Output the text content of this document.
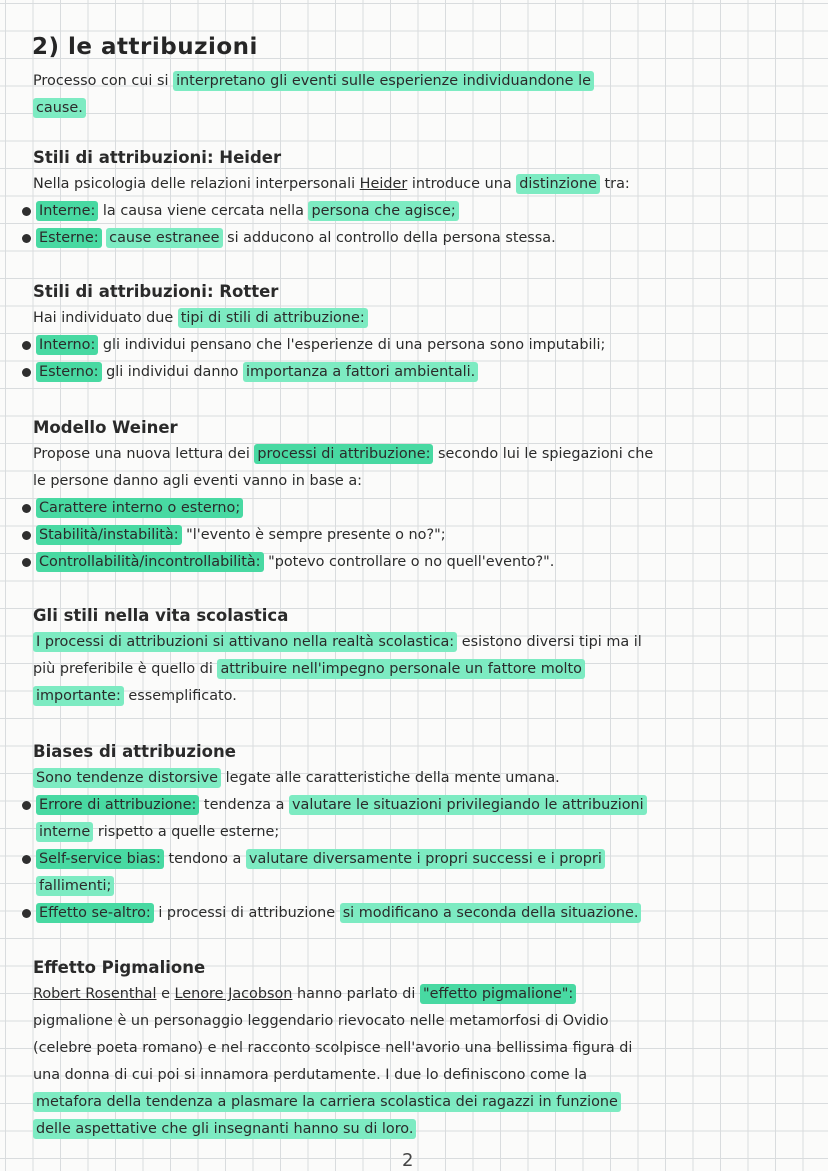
2) le attribuzioni
Processo con cui si interpretano gli eventi sulle esperienze individuandone le
cause.
Stili di attribuzioni: Heider
Nella psicologia delle relazioni interpersonali Heider introduce una distinzione tra:
Interne: la causa viene cercata nella persona che agisce;
Esterne: cause estranee si adducono al controllo della persona stessa.
Stili di attribuzioni: Rotter
Hai individuato due tipi di stili di attribuzione:
Interno: gli individui pensano che l'esperienze di una persona sono imputabili;
Esterno: gli individui danno importanza a fattori ambientali.
Modello Weiner
Propose una nuova lettura dei processi di attribuzione: secondo lui le spiegazioni che
le persone danno agli eventi vanno in base a:
Carattere interno o esterno;
Stabilità/instabilità: "l'evento è sempre presente o no?";
Controllabilità/incontrollabilità: "potevo controllare o no quell'evento?".
Gli stili nella vita scolastica
I processi di attribuzioni si attivano nella realtà scolastica: esistono diversi tipi ma il
più preferibile è quello di attribuire nell'impegno personale un fattore molto
importante: essemplificato.
Biases di attribuzione
Sono tendenze distorsive legate alle caratteristiche della mente umana.
Errore di attribuzione: tendenza a valutare le situazioni privilegiando le attribuzioni
interne rispetto a quelle esterne;
Self-service bias: tendono a valutare diversamente i propri successi e i propri
fallimenti;
Effetto se-altro: i processi di attribuzione si modificano a seconda della situazione.
Effetto Pigmalione
Robert Rosenthal e Lenore Jacobson hanno parlato di "effetto pigmalione":
pigmalione è un personaggio leggendario rievocato nelle metamorfosi di Ovidio
(celebre poeta romano) e nel racconto scolpisce nell'avorio una bellissima figura di
una donna di cui poi si innamora perdutamente. I due lo definiscono come la
metafora della tendenza a plasmare la carriera scolastica dei ragazzi in funzione
delle aspettative che gli insegnanti hanno su di loro.
2
